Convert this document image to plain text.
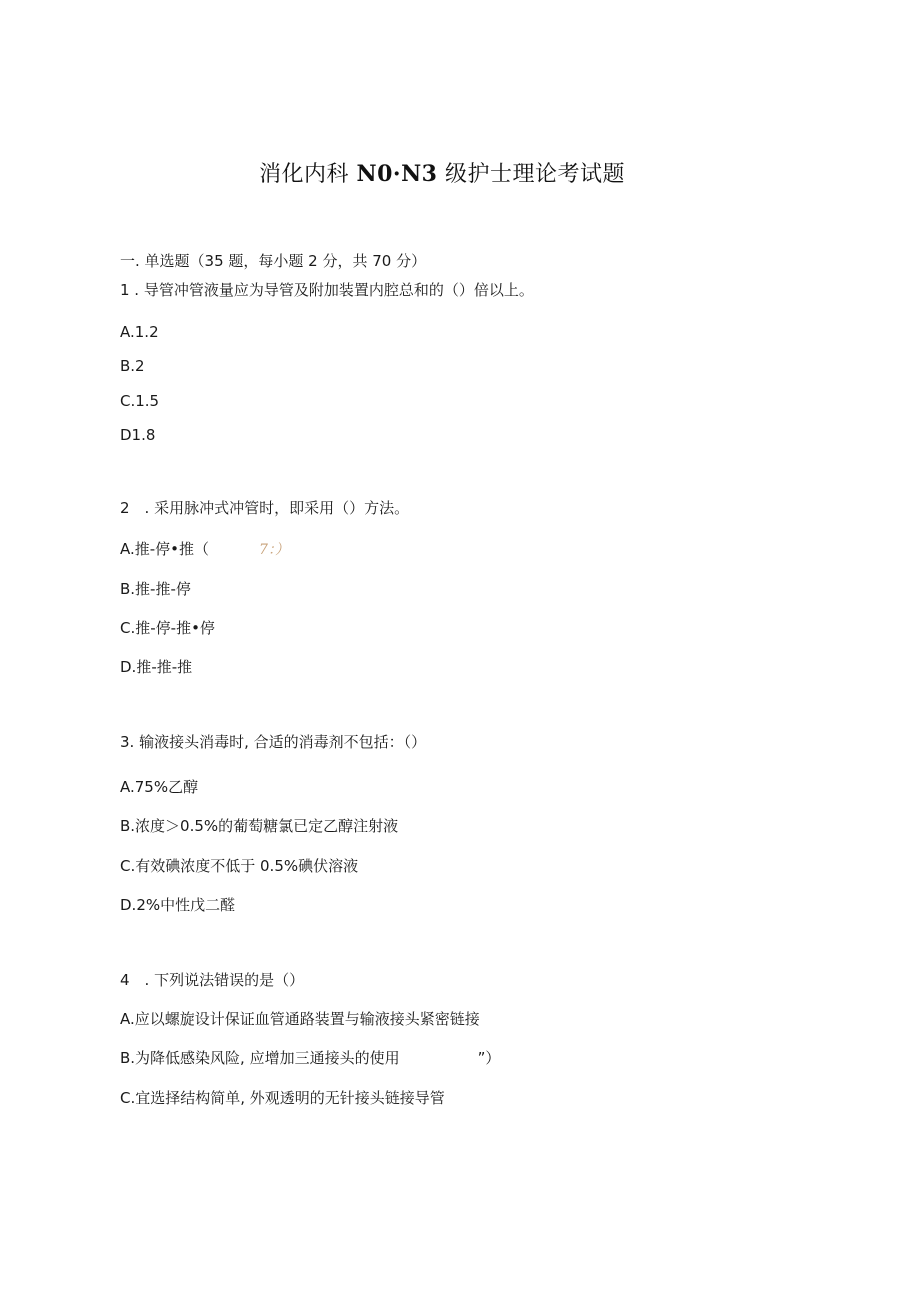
消化内科 N0·N3 级护士理论考试题
一. 单选题（35 题，每小题 2 分，共 70 分）
1 . 导管冲管液量应为导管及附加装置内腔总和的（）倍以上。
A.1.2
B.2
C.1.5
D1.8
2　. 采用脉冲式冲管时，即采用（）方法。
A.推-停•推（	7：）
B.推-推-停
C.推-停-推•停
D.推-推-推
3. 输液接头消毒时, 合适的消毒剂不包括：（）
A.75%乙醇
B.浓度＞0.5%的葡萄糖氯已定乙醇注射液
C.有效碘浓度不低于 0.5%碘伏溶液
D.2%中性戊二醛
4　. 下列说法错误的是（）
A.应以螺旋设计保证血管通路装置与输液接头紧密链接
B.为降低感染风险, 应增加三通接头的使用	”）
C.宜选择结构简单, 外观透明的无针接头链接导管
